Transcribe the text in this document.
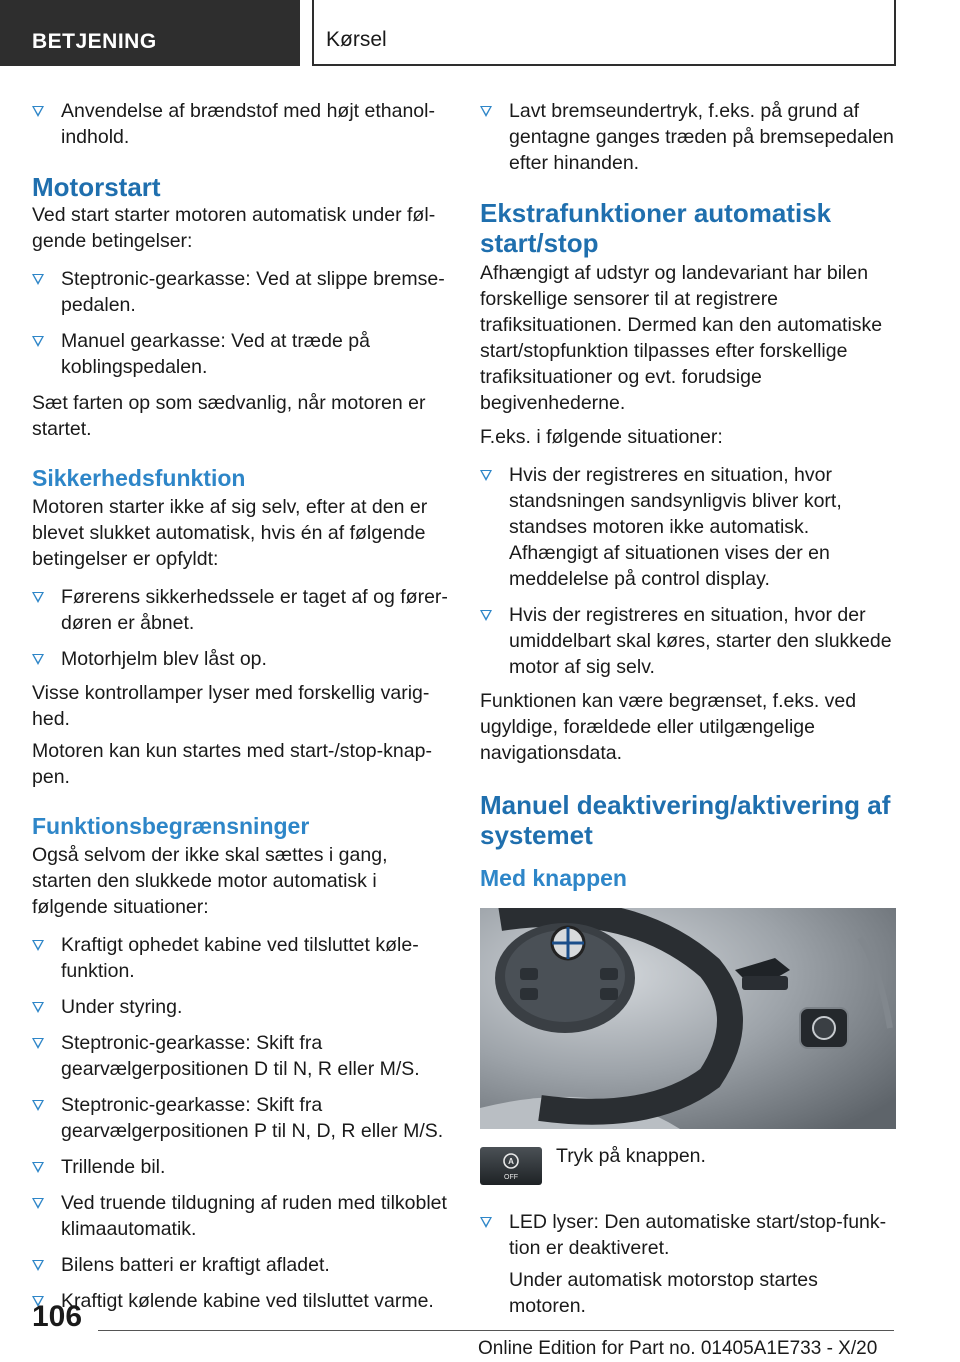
BETJENING	Kørsel
Anvendelse af brændstof med højt ethanolindhold.
Motorstart

Ved start starter motoren automatisk under følgende betingelser:

Steptronic-gearkasse: Ved at slippe bremsepedalen.
Manuel gearkasse: Ved at træde på koblingspedalen.

Sæt farten op som sædvanlig, når motoren er startet.

Sikkerhedsfunktion

Motoren starter ikke af sig selv, efter at den er blevet slukket automatisk, hvis én af følgende betingelser er opfyldt:

Førerens sikkerhedssele er taget af og førerdøren er åbnet.
Motorhjelm blev låst op.

Visse kontrollamper lyser med forskellig varighed.

Motoren kan kun startes med start-/stop-knappen.

Funktionsbegrænsninger

Også selvom der ikke skal sættes i gang, starten den slukkede motor automatisk i følgende situationer:

Kraftigt ophedet kabine ved tilsluttet kølefunktion.
Under styring.
Steptronic-gearkasse: Skift fra gearvælgerpositionen D til N, R eller M/S.
Steptronic-gearkasse: Skift fra gearvælgerpositionen P til N, D, R eller M/S.
Trillende bil.
Ved truende tildugning af ruden med tilkoblet klimaautomatik.
Bilens batteri er kraftigt afladet.
Kraftigt kølende kabine ved tilsluttet varme.
Lavt bremseundertryk, f.eks. på grund af gentagne ganges træden på bremsepedalen efter hinanden.
Ekstrafunktioner automatisk start/stop

Afhængigt af udstyr og landevariant har bilen forskellige sensorer til at registrere trafiksituationen. Dermed kan den automatiske start/stopfunktion tilpasses efter forskellige trafiksituationer og evt. forudsige begivenhederne.

F.eks. i følgende situationer:

Hvis der registreres en situation, hvor standsningen sandsynligvis bliver kort, standses motoren ikke automatisk. Afhængigt af situationen vises der en meddelelse på control display.
Hvis der registreres en situation, hvor der umiddelbart skal køres, starter den slukkede motor af sig selv.

Funktionen kan være begrænset, f.eks. ved ugyldige, forældede eller utilgængelige navigationsdata.

Manuel deaktivering/aktivering af systemet
Med knappen
A
OFF

Tryk på knappen.

LED lyser: Den automatiske start/stop-funktion er deaktiveret.

Under automatisk motorstop startes motoren.

106
Online Edition for Part no. 01405A1E733 - X/20
